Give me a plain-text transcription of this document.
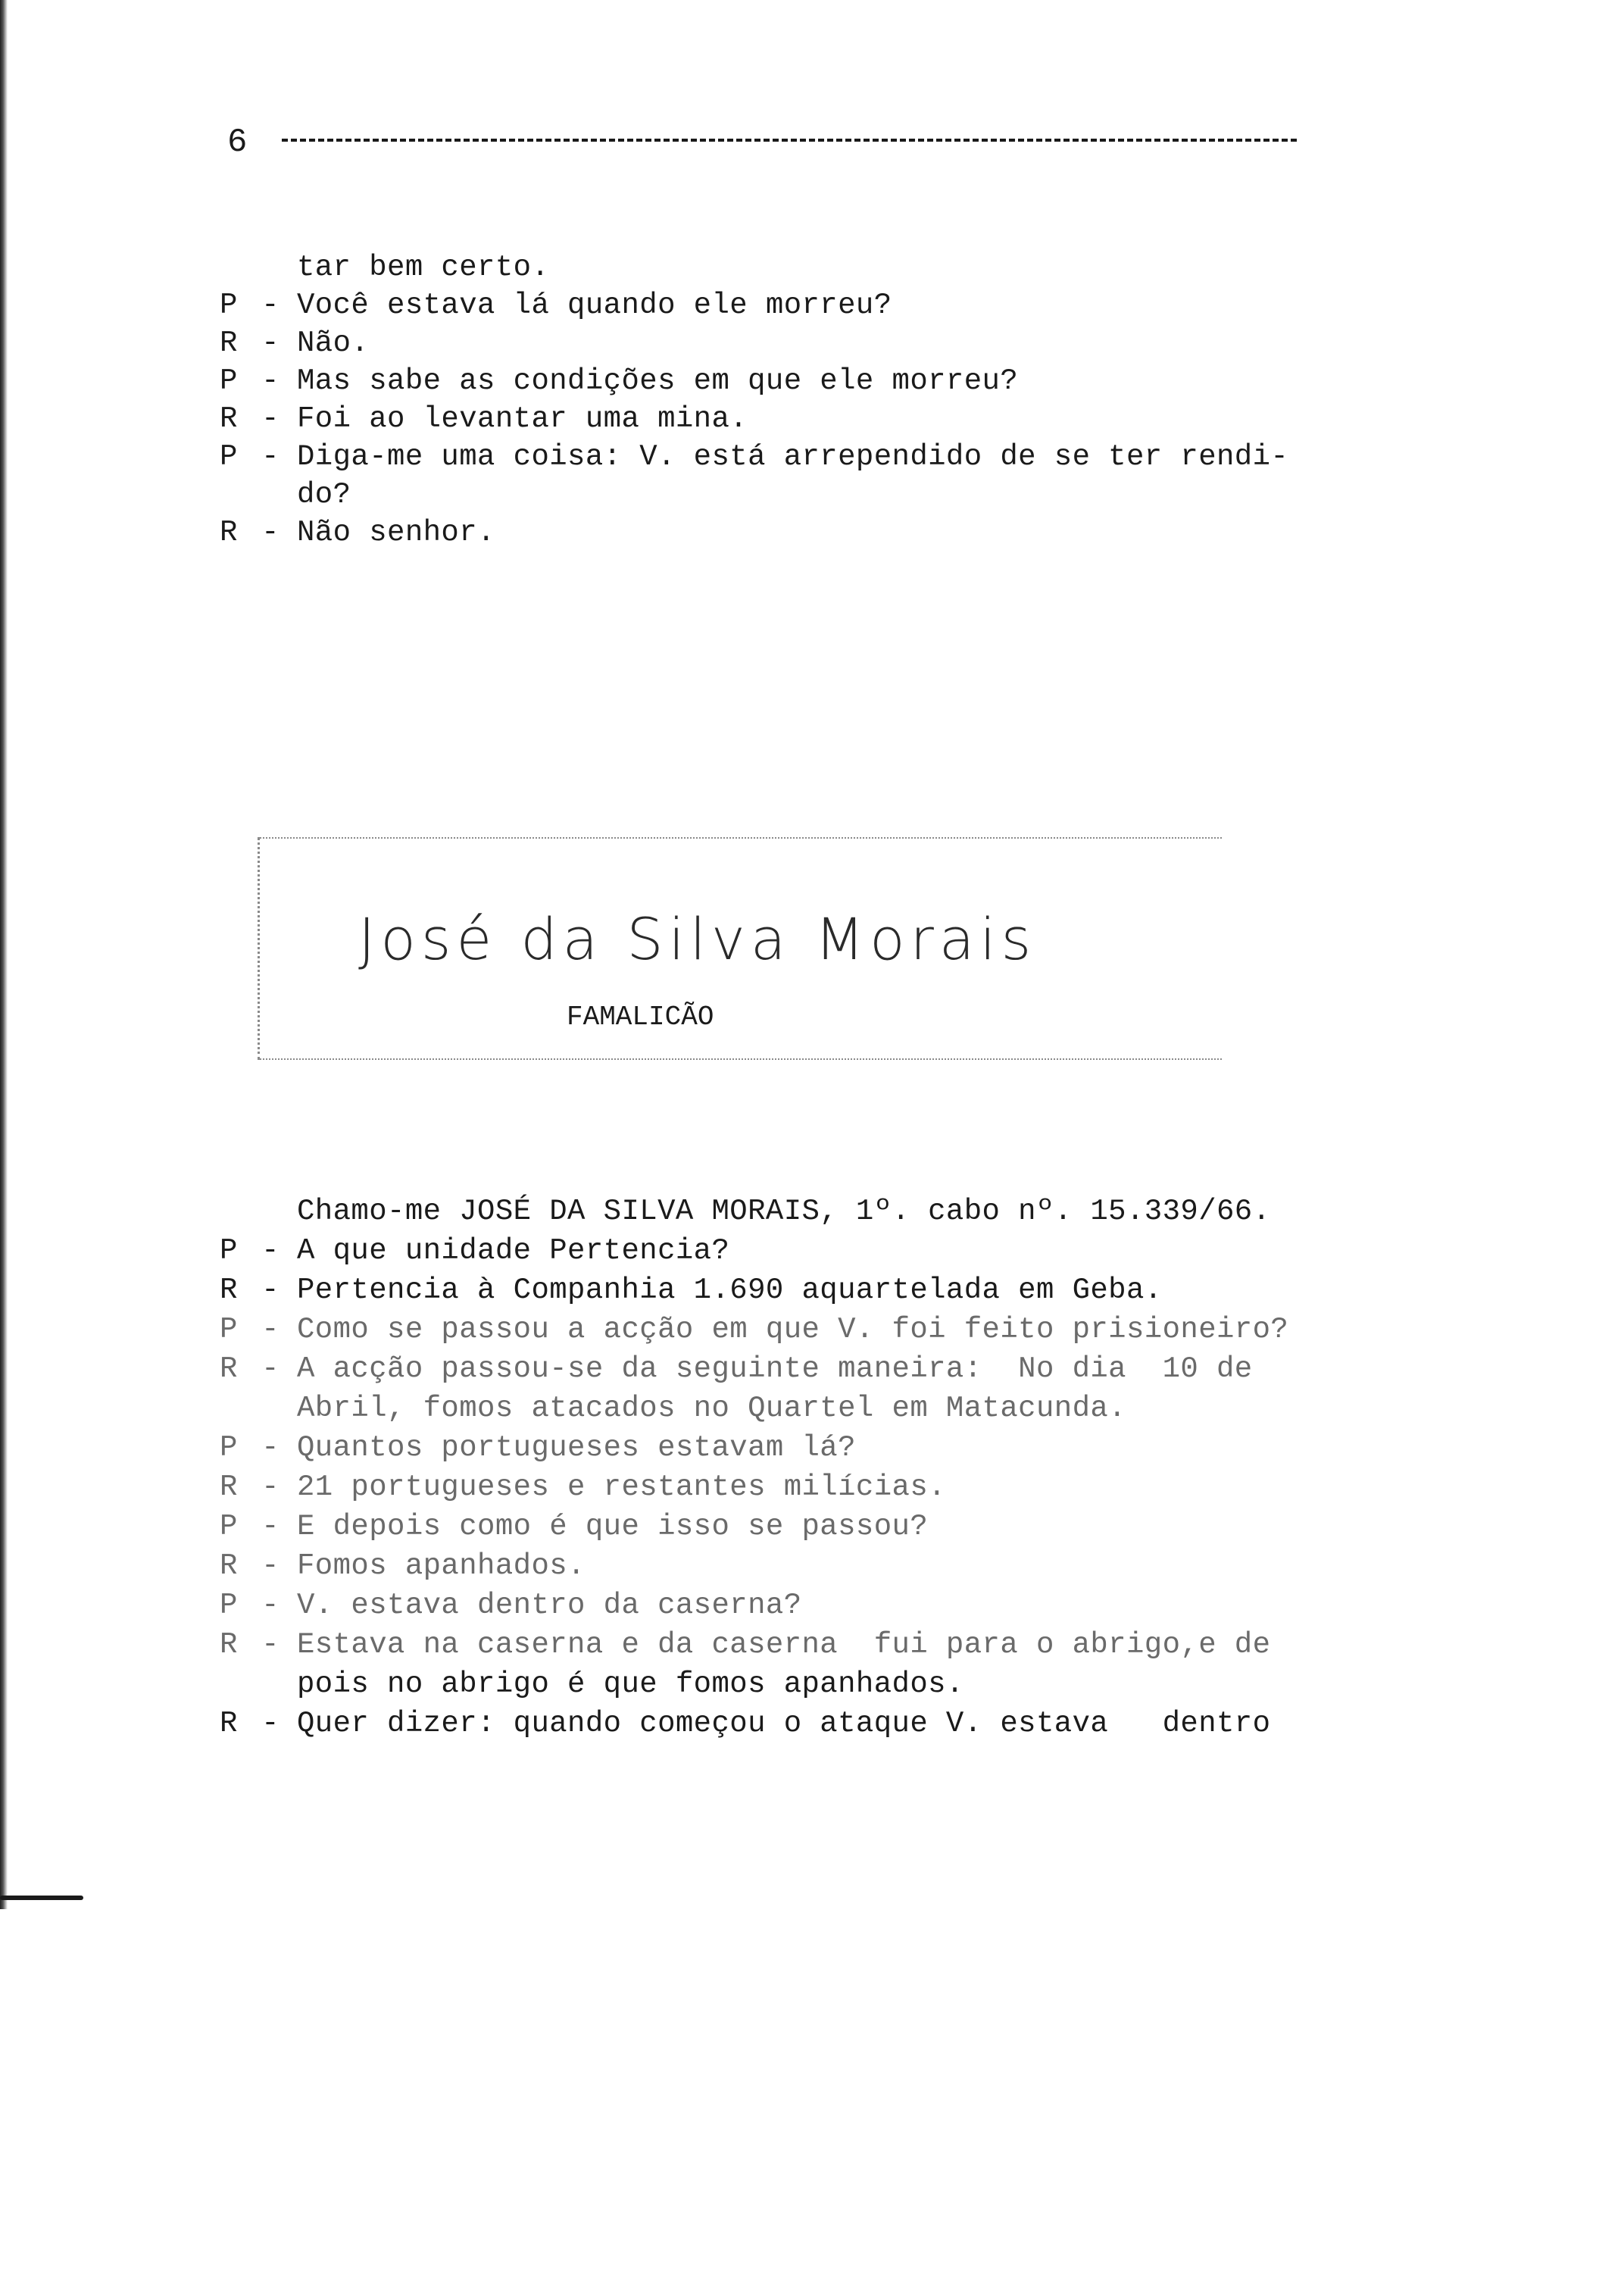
6
tar bem certo.
P - Você estava lá quando ele morreu?
R - Não.
P - Mas sabe as condições em que ele morreu?
R - Foi ao levantar uma mina.
P - Diga-me uma coisa: V. está arrependido de se ter rendi-
do?
R - Não senhor.
José da Silva Morais
FAMALICÃO
Chamo-me JOSÉ DA SILVA MORAIS, 1º. cabo nº. 15.339/66.
P - A que unidade Pertencia?
R - Pertencia à Companhia 1.690 aquartelada em Geba.
P - Como se passou a acção em que V. foi feito prisioneiro?
R - A acção passou-se da seguinte maneira:  No dia  10 de
Abril, fomos atacados no Quartel em Matacunda.
P - Quantos portugueses estavam lá?
R - 21 portugueses e restantes milícias.
P - E depois como é que isso se passou?
R - Fomos apanhados.
P - V. estava dentro da caserna?
R - Estava na caserna e da caserna  fui para o abrigo,e de
pois no abrigo é que fomos apanhados.
R - Quer dizer: quando começou o ataque V. estava   dentro
